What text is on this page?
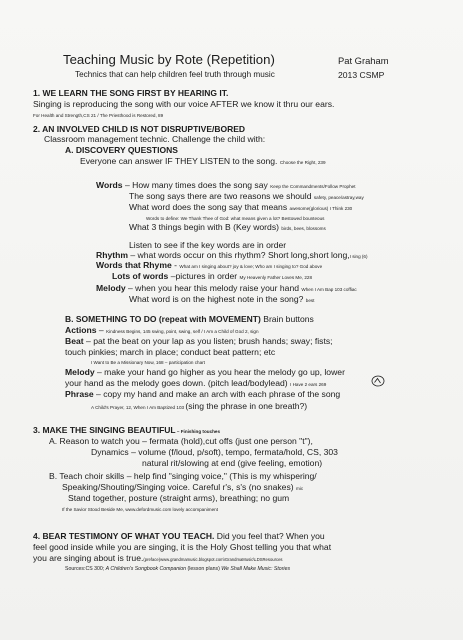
Teaching Music by Rote (Repetition)	Pat Graham
Technics that can help children feel truth through music	2013 CSMP
1. WE LEARN THE SONG FIRST BY HEARING IT.
Singing is reproducing the song with our voice AFTER we know it thru our ears.
For Health and Strength,CS 21 / The Priesthood is Restored, 89
2. AN INVOLVED CHILD IS NOT DISRUPTIVE/BORED
Classroom management technic. Challenge the child with:
A. DISCOVERY QUESTIONS
Everyone can answer IF THEY LISTEN to the song. Choose the Right, 239
Words – How many times does the song say Keep the Commandments/Follow Prophet
The song says there are two reasons we should safety, peace/astray,way
What word does the song say that means awesome(glorious) I Think 230
Words to define: We Thank Thee of God: what means given a lot? Bestowed bounteous
What 3 things begin with B (Key words) birds, bees, blossoms
Listen to see if the key words are in order
Rhythm – what words occur on this rhythm? Short long,short long,I sing (6)
Words that Rhyme - What am I singing about? joy & love; Who am I singing to? God above
Lots of words –pictures in order My Heavenly Father Loves Me, 228
Melody – when you hear this melody raise your hand When I Am Bap 103 coffiac
What word is on the highest note in the song? best
B. SOMETHING TO DO (repeat with MOVEMENT) Brain buttons
Actions – Kindness Begins, 145 swing, point, swing, self / I Am a Child of God 2, sign
Beat – pat the beat on your lap as you listen; brush hands; sway; fists;
touch pinkies; march in place; conduct beat pattern; etc
I Want to Be a Missionary Now, 168 – participation chart
Melody – make your hand go higher as you hear the melody go up, lower
your hand as the melody goes down. (pitch lead/bodylead) I Have 2 ears 269
Phrase – copy my hand and make an arch with each phrase of the song
A Child's Prayer, 12, When I Am Baptized 103 (sing the phrase in one breath?)
3. MAKE THE SINGING BEAUTIFUL – Finishing touches
A. Reason to watch you – fermata (hold),cut offs (just one person "t"),
Dynamics – volume (f/loud, p/soft), tempo, fermata/hold, CS, 303
natural rit/slowing at end (give feeling, emotion)
B. Teach choir skills – help find "singing voice," (This is my whispering/
Speaking/Shouting/Singing voice. Careful r's, s's (no snakes) mic
Stand together, posture (straight arms), breathing; no gum
If the Savior Stood Beside Me, www.defordmusic.com lovely accompaniment
4. BEAR TESTIMONY OF WHAT YOU TEACH. Did you feel that? When you
feel good inside while you are singing, it is the Holy Ghost telling you that what
you are singing about is true.(preface)www.grandmamusic.blogspot.com\GrandmaMusic\LDSResources
Sources:CS 300; A Children's Songbook Companion (lesson plans) We Shall Make Music: Stories
